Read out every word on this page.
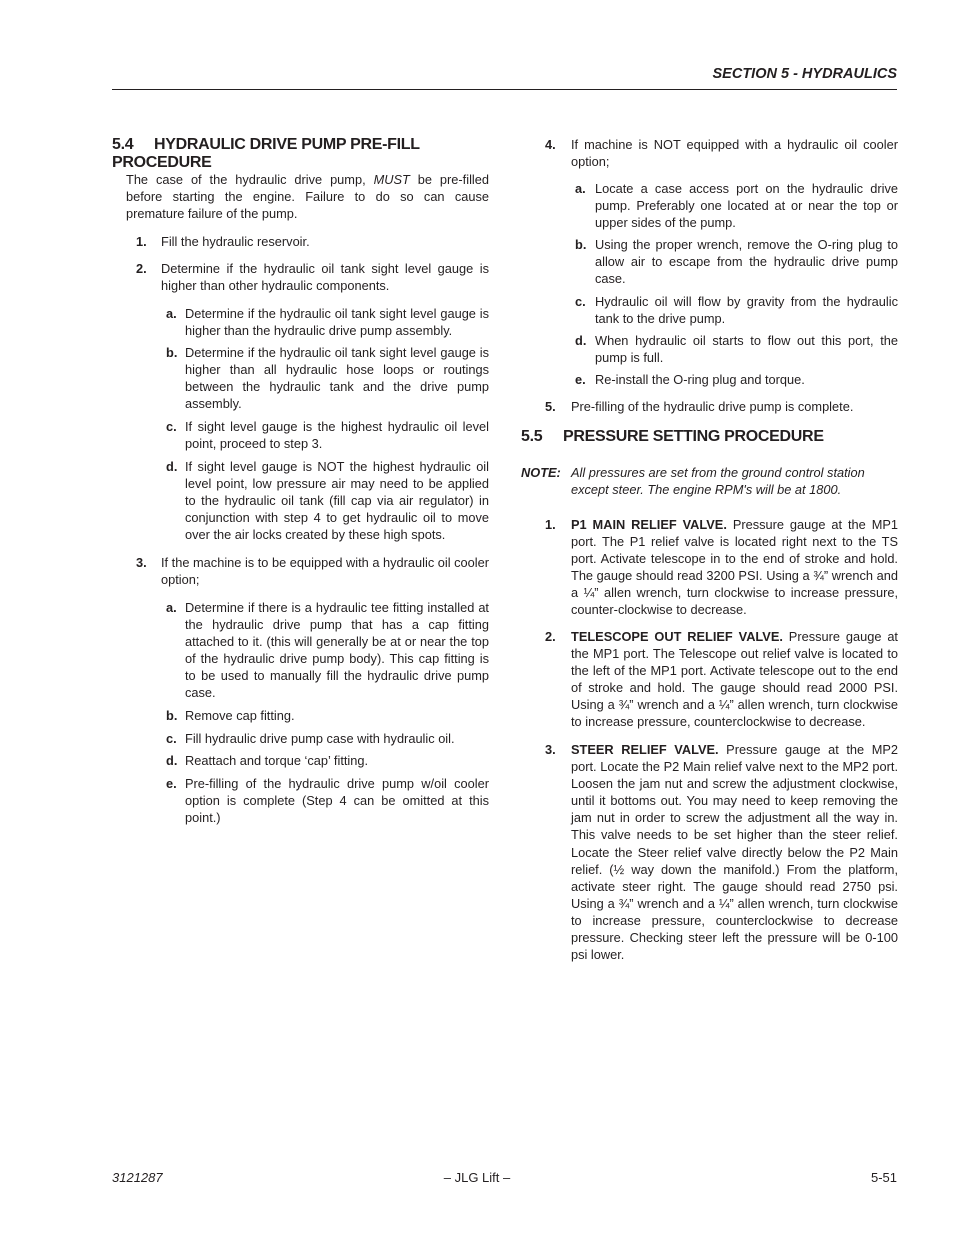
SECTION 5 - HYDRAULICS
5.4 HYDRAULIC DRIVE PUMP PRE-FILL PROCEDURE
The case of the hydraulic drive pump, MUST be pre-filled before starting the engine. Failure to do so can cause premature failure of the pump.
1. Fill the hydraulic reservoir.
2. Determine if the hydraulic oil tank sight level gauge is higher than other hydraulic components.
a. Determine if the hydraulic oil tank sight level gauge is higher than the hydraulic drive pump assembly.
b. Determine if the hydraulic oil tank sight level gauge is higher than all hydraulic hose loops or routings between the hydraulic tank and the drive pump assembly.
c. If sight level gauge is the highest hydraulic oil level point, proceed to step 3.
d. If sight level gauge is NOT the highest hydraulic oil level point, low pressure air may need to be applied to the hydraulic oil tank (fill cap via air regulator) in conjunction with step 4 to get hydraulic oil to move over the air locks created by these high spots.
3. If the machine is to be equipped with a hydraulic oil cooler option;
a. Determine if there is a hydraulic tee fitting installed at the hydraulic drive pump that has a cap fitting attached to it. (this will generally be at or near the top of the hydraulic drive pump body). This cap fitting is to be used to manually fill the hydraulic drive pump case.
b. Remove cap fitting.
c. Fill hydraulic drive pump case with hydraulic oil.
d. Reattach and torque ‘cap’ fitting.
e. Pre-filling of the hydraulic drive pump w/oil cooler option is complete (Step 4 can be omitted at this point.)
4. If machine is NOT equipped with a hydraulic oil cooler option;
a. Locate a case access port on the hydraulic drive pump. Preferably one located at or near the top or upper sides of the pump.
b. Using the proper wrench, remove the O-ring plug to allow air to escape from the hydraulic drive pump case.
c. Hydraulic oil will flow by gravity from the hydraulic tank to the drive pump.
d. When hydraulic oil starts to flow out this port, the pump is full.
e. Re-install the O-ring plug and torque.
5. Pre-filling of the hydraulic drive pump is complete.
5.5 PRESSURE SETTING PROCEDURE
NOTE: All pressures are set from the ground control station except steer. The engine RPM's will be at 1800.
1. P1 MAIN RELIEF VALVE. Pressure gauge at the MP1 port. The P1 relief valve is located right next to the TS port. Activate telescope in to the end of stroke and hold. The gauge should read 3200 PSI. Using a ¾” wrench and a ¼” allen wrench, turn clockwise to increase pressure, counter-clockwise to decrease.
2. TELESCOPE OUT RELIEF VALVE. Pressure gauge at the MP1 port. The Telescope out relief valve is located to the left of the MP1 port. Activate telescope out to the end of stroke and hold. The gauge should read 2000 PSI. Using a ¾” wrench and a ¼” allen wrench, turn clockwise to increase pressure, counterclockwise to decrease.
3. STEER RELIEF VALVE. Pressure gauge at the MP2 port. Locate the P2 Main relief valve next to the MP2 port. Loosen the jam nut and screw the adjustment clockwise, until it bottoms out. You may need to keep removing the jam nut in order to screw the adjustment all the way in. This valve needs to be set higher than the steer relief. Locate the Steer relief valve directly below the P2 Main relief. (½ way down the manifold.) From the platform, activate steer right. The gauge should read 2750 psi. Using a ¾” wrench and a ¼” allen wrench, turn clockwise to increase pressure, counterclockwise to decrease pressure. Checking steer left the pressure will be 0-100 psi lower.
3121287	– JLG Lift –	5-51
